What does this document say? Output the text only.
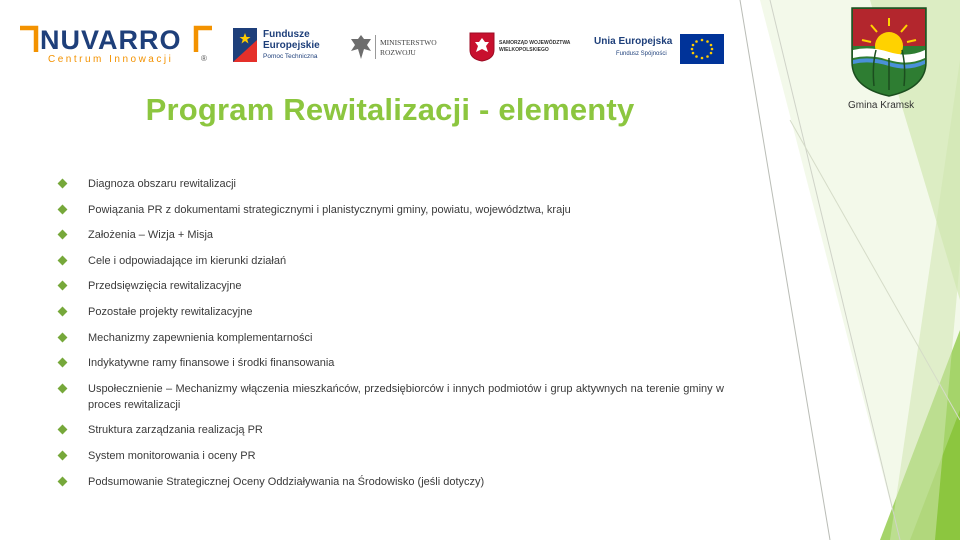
NUVARRO
Centrum Innowacji	®
Fundusze
Europejskie
Pomoc Techniczna
MINISTERSTWO
ROZWOJU
SAMORZĄD WOJEWÓDZTWA
WIELKOPOLSKIEGO
Unia Europejska
Fundusz Spójności
Gmina Kramsk
Program Rewitalizacji - elementy
Diagnoza obszaru rewitalizacji
Powiązania PR z dokumentami strategicznymi i planistycznymi gminy, powiatu, województwa, kraju
Założenia – Wizja + Misja
Cele i odpowiadające im kierunki działań
Przedsięwzięcia rewitalizacyjne
Pozostałe projekty rewitalizacyjne
Mechanizmy zapewnienia komplementarności
Indykatywne ramy finansowe i środki finansowania
Uspołecznienie – Mechanizmy włączenia mieszkańców, przedsiębiorców i innych podmiotów i grup aktywnych na terenie gminy w proces rewitalizacji
Struktura zarządzania realizacją PR
System monitorowania i oceny PR
Podsumowanie Strategicznej Oceny Oddziaływania na Środowisko (jeśli dotyczy)
